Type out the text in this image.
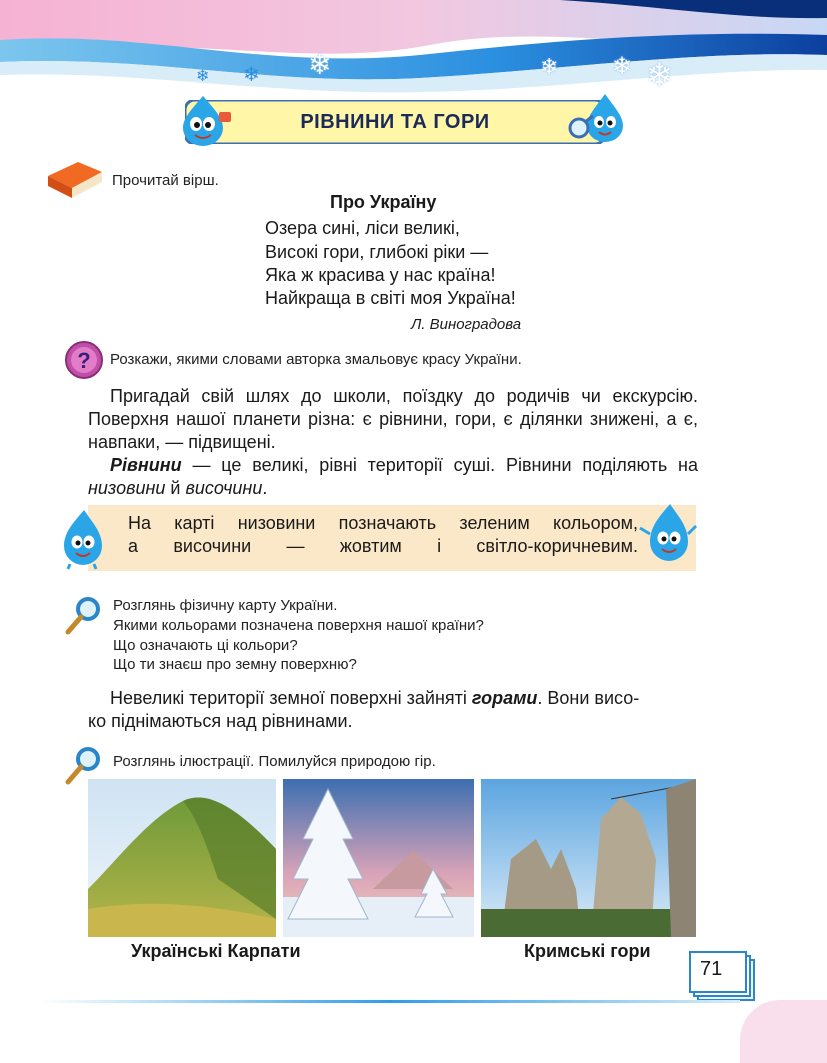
❄ ❄ ❄	❄ ❄ ❄
РІВНИНИ ТА ГОРИ
Прочитай вірш.
Про Україну
Озера сині, ліси великі,
Високі гори, глибокі ріки —
Яка ж красива у нас країна!
Найкраща в світі моя Україна!
Л. Виноградова
? Розкажи, якими словами авторка змальовує красу України.
Пригадай свій шлях до школи, поїздку до родичів чи екскурсію. Поверхня нашої планети різна: є рівнини, гори, є ділянки знижені, а є, навпаки, — підвищені.
Рівнини — це великі, рівні території суші. Рівнини поділяють на низовини й височини.
На карті низовини позначають зеленим кольором,
а височини — жовтим і світло-коричневим.
Розглянь фізичну карту України.
Якими кольорами позначена поверхня нашої країни?
Що означають ці кольори?
Що ти знаєш про земну поверхню?
Невеликі території земної поверхні зайняті горами. Вони висо-
ко піднімаються над рівнинами.
Розглянь ілюстрації. Помилуйся природою гір.
Українські Карпати	Кримські гори
71
